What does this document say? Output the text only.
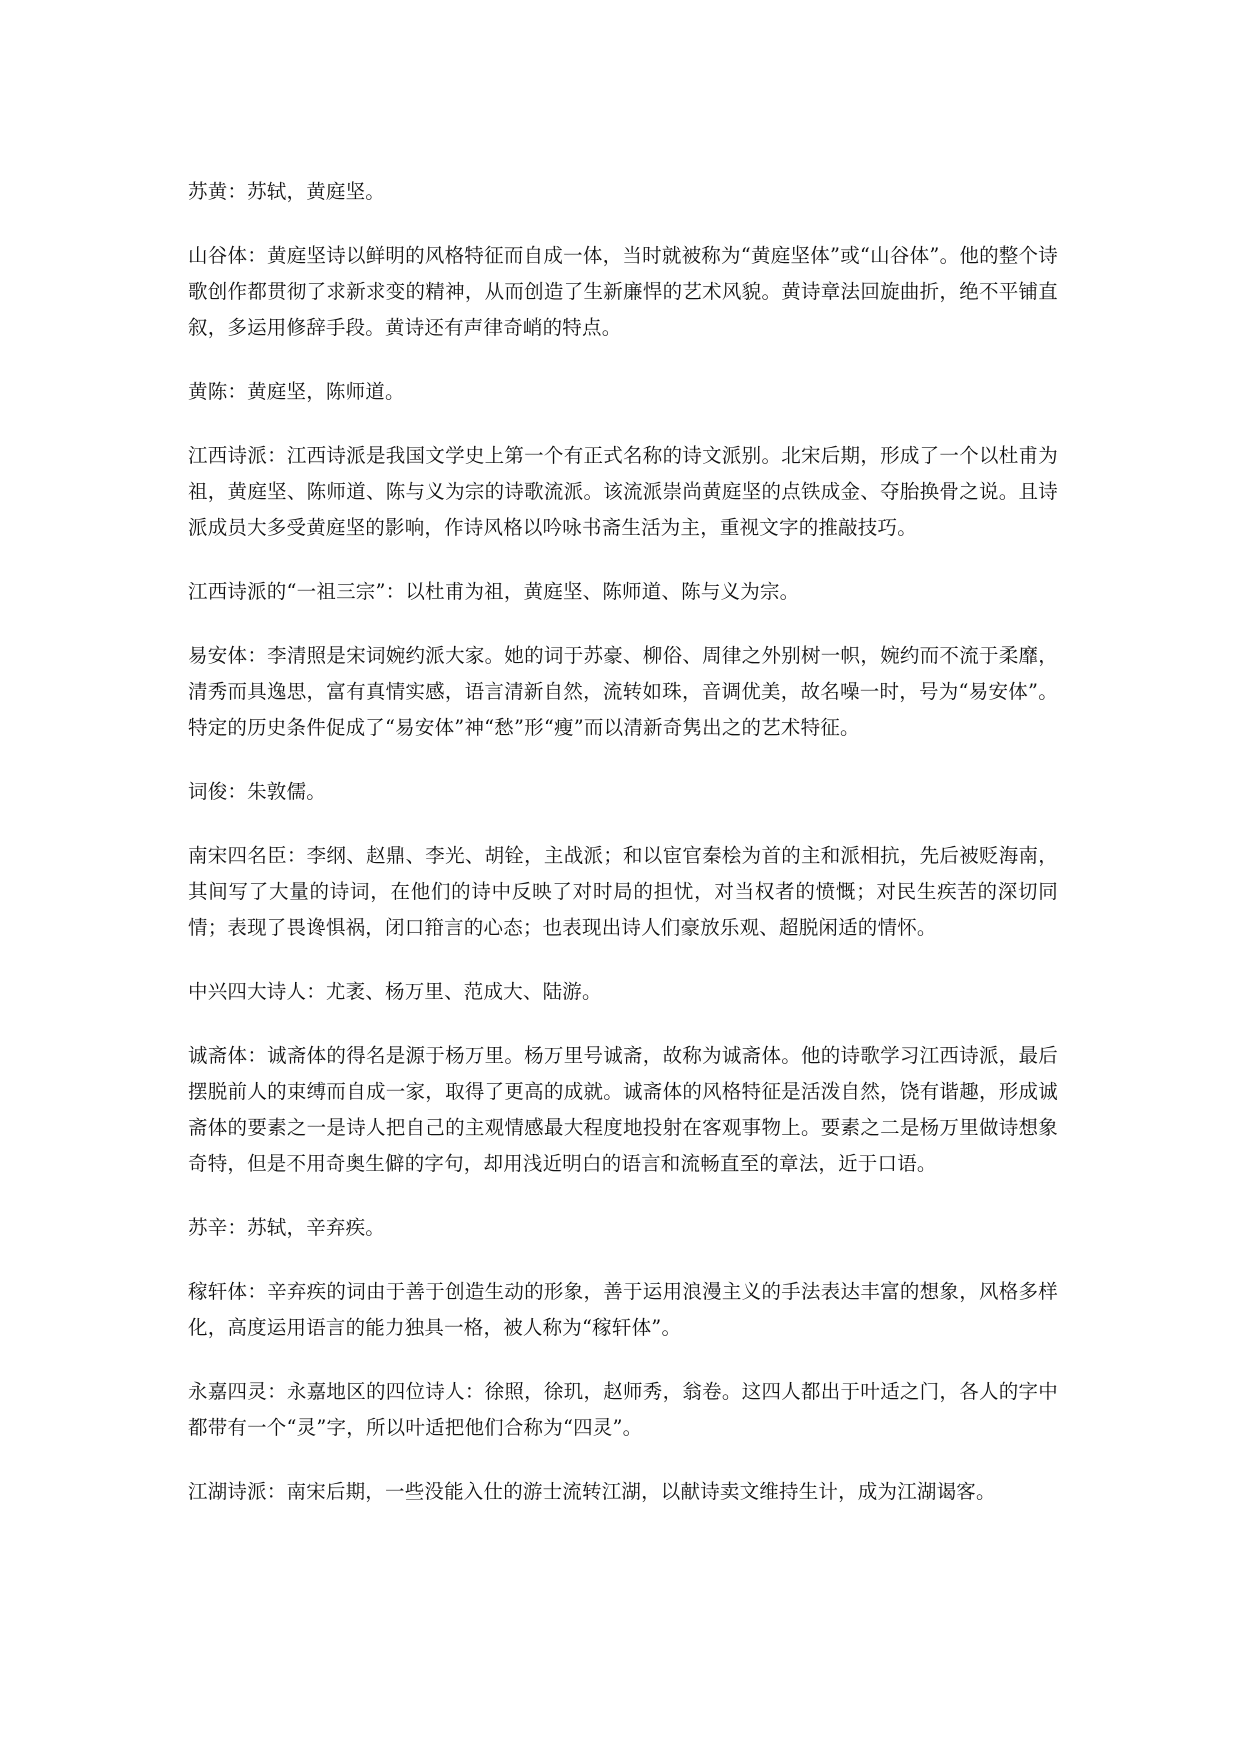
苏黄：苏轼，黄庭坚。

山谷体：黄庭坚诗以鲜明的风格特征而自成一体，当时就被称为“黄庭坚体”或“山谷体”。他的整个诗歌创作都贯彻了求新求变的精神，从而创造了生新廉悍的艺术风貌。黄诗章法回旋曲折，绝不平铺直叙，多运用修辞手段。黄诗还有声律奇峭的特点。

黄陈：黄庭坚，陈师道。

江西诗派：江西诗派是我国文学史上第一个有正式名称的诗文派别。北宋后期，形成了一个以杜甫为祖，黄庭坚、陈师道、陈与义为宗的诗歌流派。该流派崇尚黄庭坚的点铁成金、夺胎换骨之说。且诗派成员大多受黄庭坚的影响，作诗风格以吟咏书斋生活为主，重视文字的推敲技巧。

江西诗派的“一祖三宗”：以杜甫为祖，黄庭坚、陈师道、陈与义为宗。

易安体：李清照是宋词婉约派大家。她的词于苏豪、柳俗、周律之外别树一帜，婉约而不流于柔靡，清秀而具逸思，富有真情实感，语言清新自然，流转如珠，音调优美，故名噪一时，号为“易安体”。特定的历史条件促成了“易安体”神“愁”形“瘦”而以清新奇隽出之的艺术特征。

词俊：朱敦儒。

南宋四名臣：李纲、赵鼎、李光、胡铨，主战派；和以宦官秦桧为首的主和派相抗，先后被贬海南，其间写了大量的诗词，在他们的诗中反映了对时局的担忧，对当权者的愤慨；对民生疾苦的深切同情；表现了畏谗惧祸，闭口箝言的心态；也表现出诗人们豪放乐观、超脱闲适的情怀。

中兴四大诗人：尤袤、杨万里、范成大、陆游。

诚斋体：诚斋体的得名是源于杨万里。杨万里号诚斋，故称为诚斋体。他的诗歌学习江西诗派，最后摆脱前人的束缚而自成一家，取得了更高的成就。诚斋体的风格特征是活泼自然，饶有谐趣，形成诚斋体的要素之一是诗人把自己的主观情感最大程度地投射在客观事物上。要素之二是杨万里做诗想象奇特，但是不用奇奥生僻的字句，却用浅近明白的语言和流畅直至的章法，近于口语。

苏辛：苏轼，辛弃疾。

稼轩体：辛弃疾的词由于善于创造生动的形象，善于运用浪漫主义的手法表达丰富的想象，风格多样化，高度运用语言的能力独具一格，被人称为“稼轩体”。

永嘉四灵：永嘉地区的四位诗人：徐照，徐玑，赵师秀，翁卷。这四人都出于叶适之门，各人的字中都带有一个“灵”字，所以叶适把他们合称为“四灵”。

江湖诗派：南宋后期，一些没能入仕的游士流转江湖，以献诗卖文维持生计，成为江湖谒客。
